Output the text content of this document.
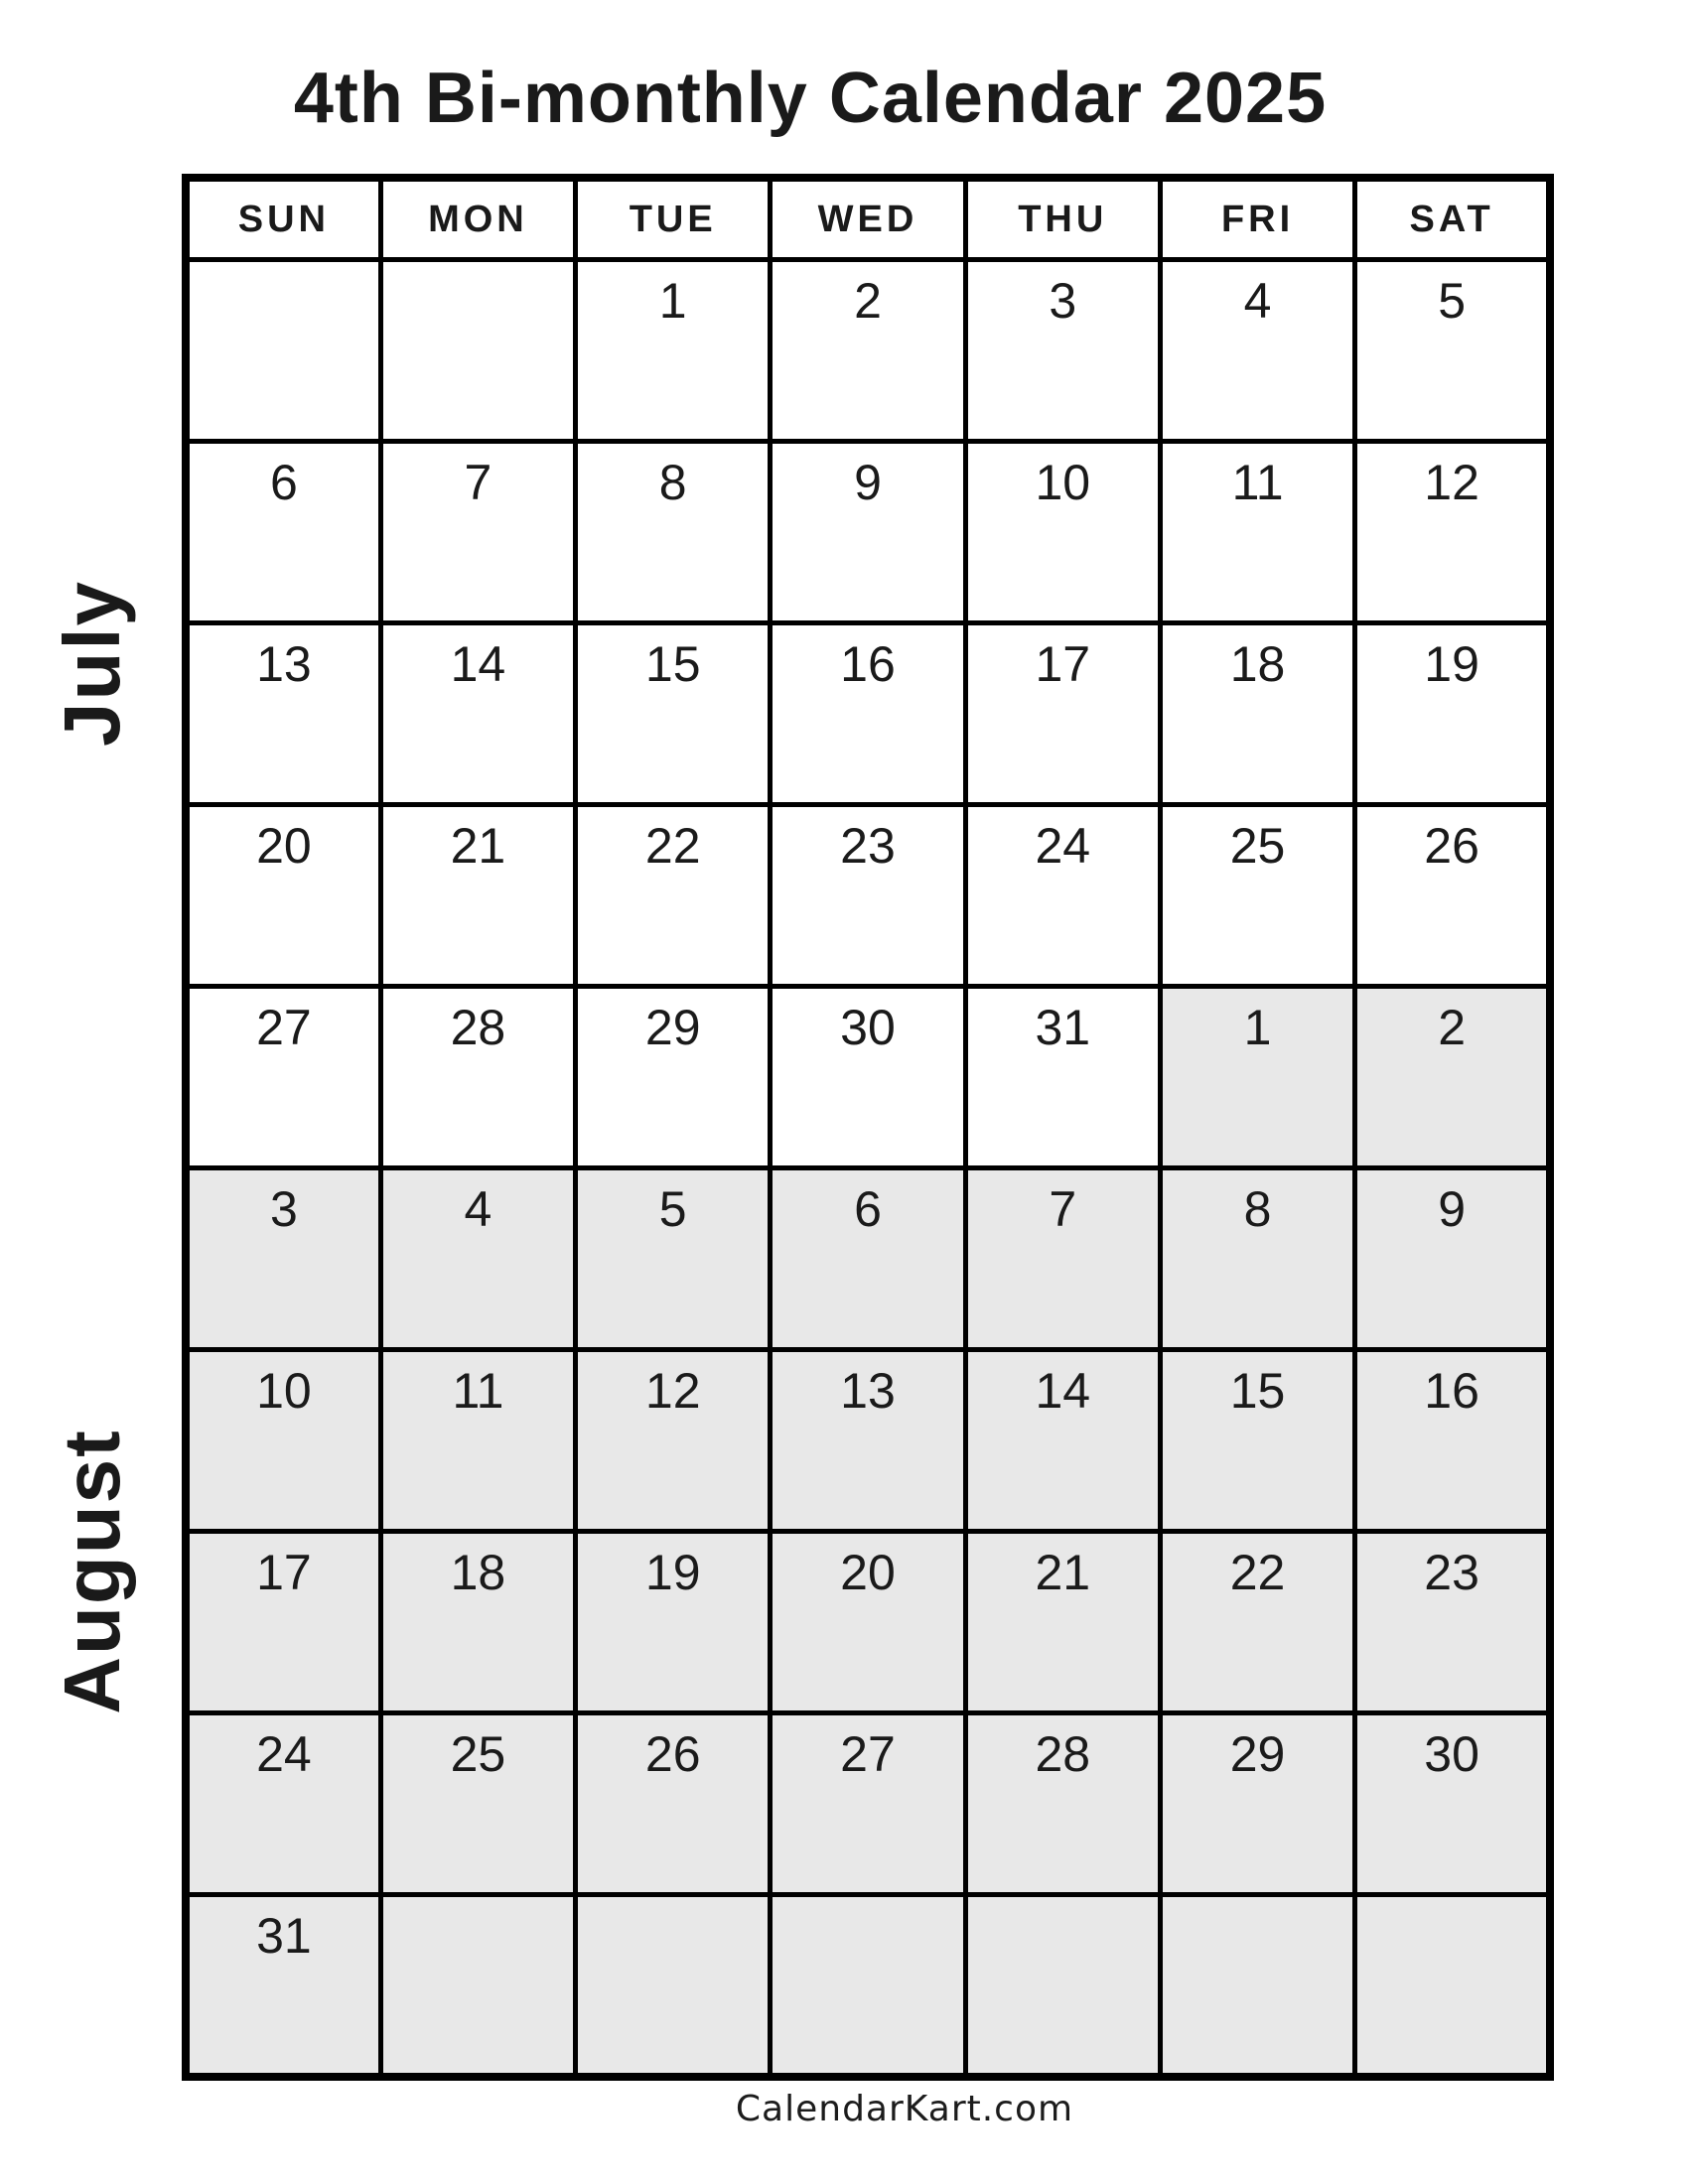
4th Bi-monthly Calendar 2025
July
August
SUN	MON	TUE	WED	THU	FRI	SAT
		1	2	3	4	5
6	7	8	9	10	11	12
13	14	15	16	17	18	19
20	21	22	23	24	25	26
27	28	29	30	31	1	2
3	4	5	6	7	8	9
10	11	12	13	14	15	16
17	18	19	20	21	22	23
24	25	26	27	28	29	30
31						
CalendarKart.com
